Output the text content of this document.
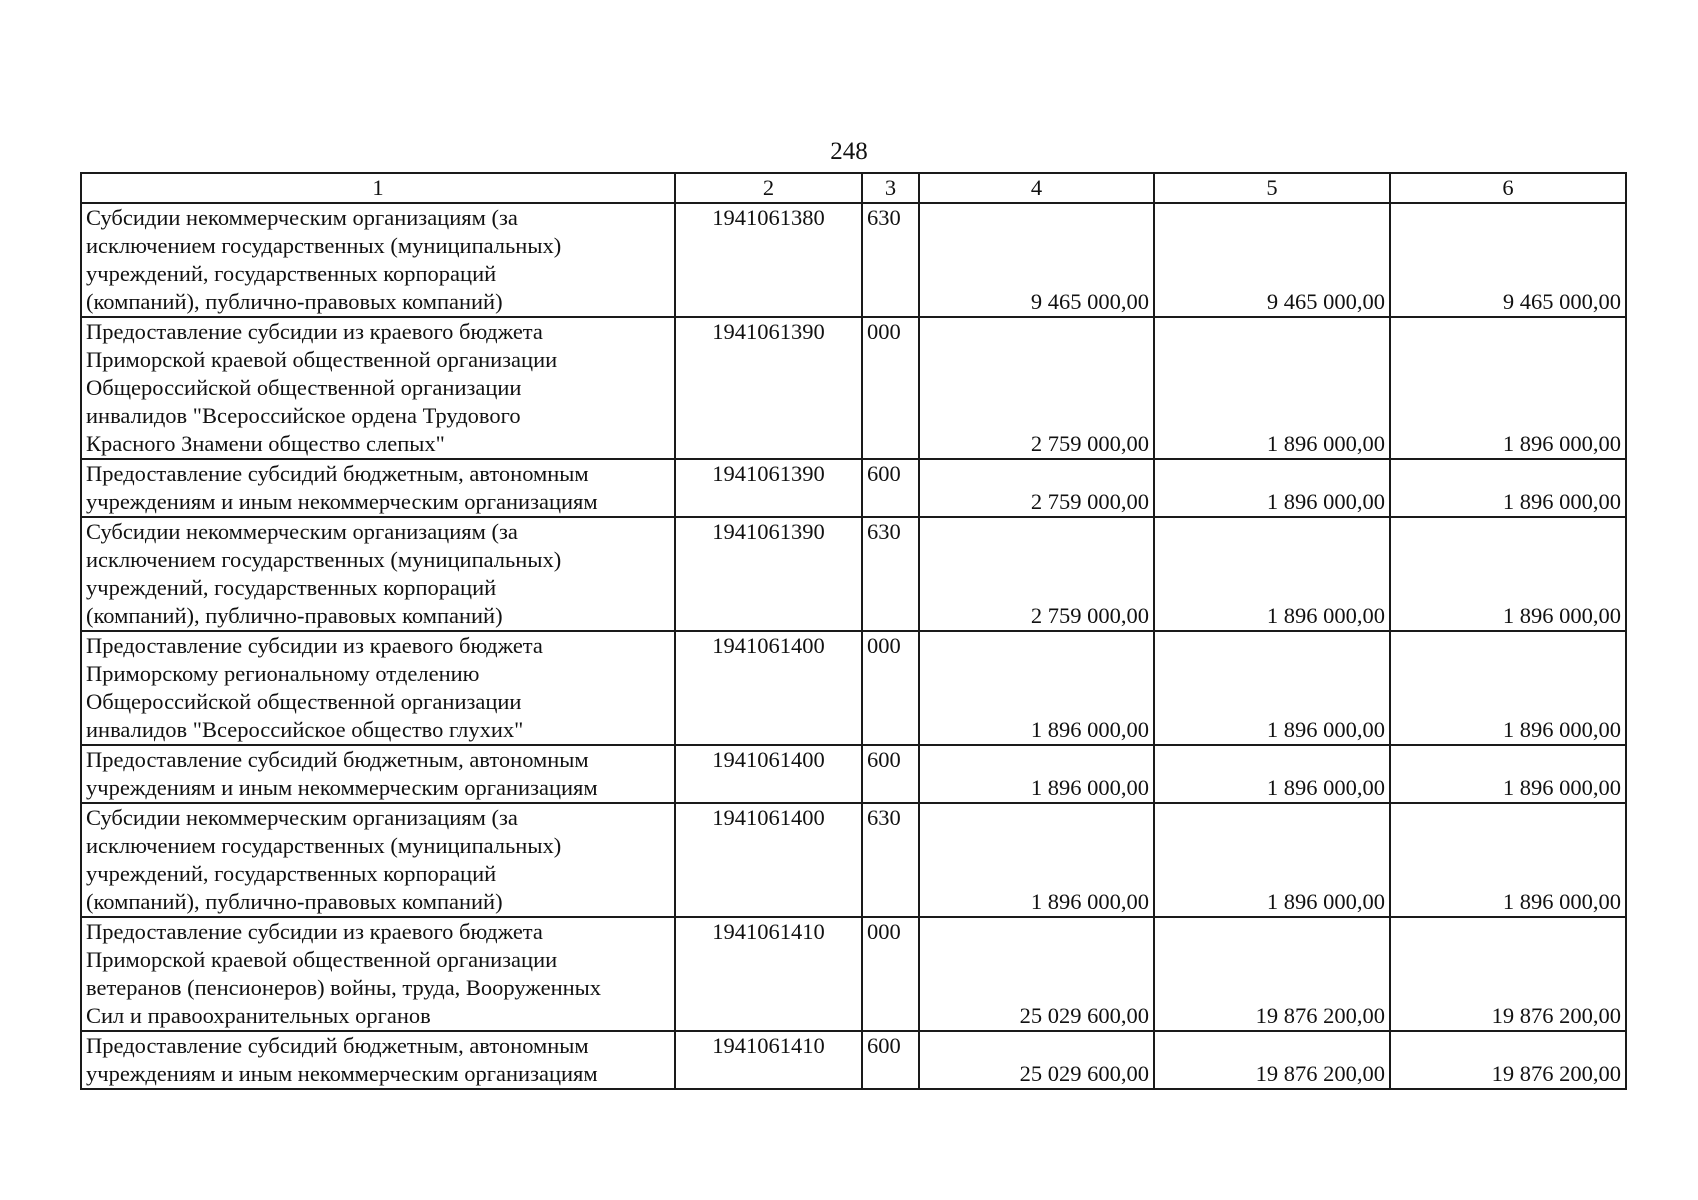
248
1	2	3	4	5	6
Субсидии некоммерческим организациям (за
исключением государственных (муниципальных)
учреждений, государственных корпораций
(компаний), публично-правовых компаний)	1941061380	630	9 465 000,00	9 465 000,00	9 465 000,00
Предоставление субсидии из краевого бюджета
Приморской краевой общественной организации
Общероссийской общественной организации
инвалидов "Всероссийское ордена Трудового
Красного Знамени общество слепых"	1941061390	000	2 759 000,00	1 896 000,00	1 896 000,00
Предоставление субсидий бюджетным, автономным
учреждениям и иным некоммерческим организациям	1941061390	600	2 759 000,00	1 896 000,00	1 896 000,00
Субсидии некоммерческим организациям (за
исключением государственных (муниципальных)
учреждений, государственных корпораций
(компаний), публично-правовых компаний)	1941061390	630	2 759 000,00	1 896 000,00	1 896 000,00
Предоставление субсидии из краевого бюджета
Приморскому региональному отделению
Общероссийской общественной организации
инвалидов "Всероссийское общество глухих"	1941061400	000	1 896 000,00	1 896 000,00	1 896 000,00
Предоставление субсидий бюджетным, автономным
учреждениям и иным некоммерческим организациям	1941061400	600	1 896 000,00	1 896 000,00	1 896 000,00
Субсидии некоммерческим организациям (за
исключением государственных (муниципальных)
учреждений, государственных корпораций
(компаний), публично-правовых компаний)	1941061400	630	1 896 000,00	1 896 000,00	1 896 000,00
Предоставление субсидии из краевого бюджета
Приморской краевой общественной организации
ветеранов (пенсионеров) войны, труда, Вооруженных
Сил и правоохранительных органов	1941061410	000	25 029 600,00	19 876 200,00	19 876 200,00
Предоставление субсидий бюджетным, автономным
учреждениям и иным некоммерческим организациям	1941061410	600	25 029 600,00	19 876 200,00	19 876 200,00
